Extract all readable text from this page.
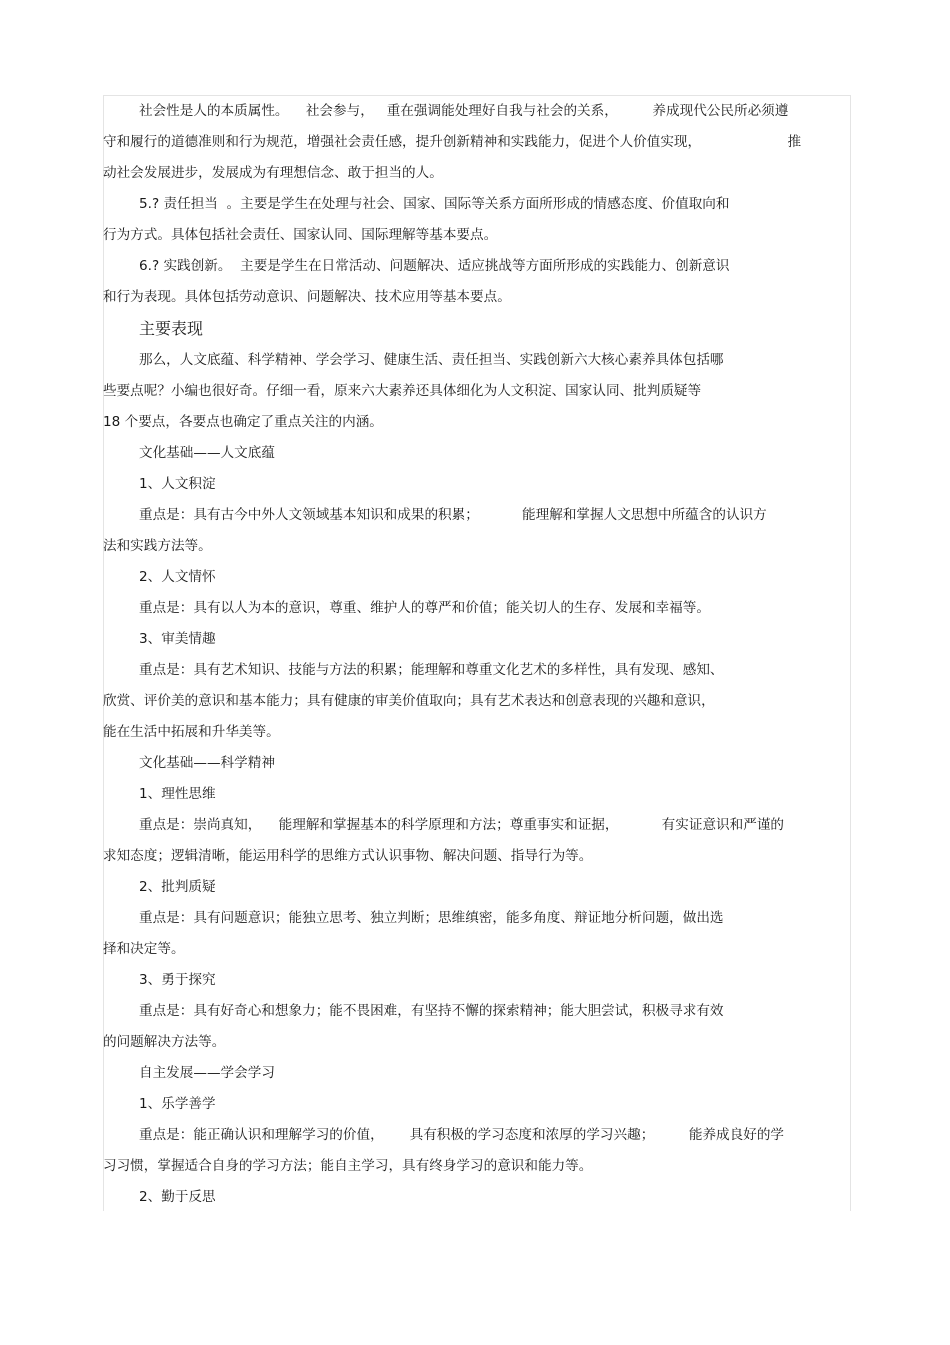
社会性是人的本质属性。    社会参与，   重在强调能处理好自我与社会的关系，        养成现代公民所必须遵
守和履行的道德准则和行为规范，增强社会责任感，提升创新精神和实践能力，促进个人价值实现，                    推
动社会发展进步，发展成为有理想信念、敢于担当的人。
5.? 责任担当  。主要是学生在处理与社会、国家、国际等关系方面所形成的情感态度、价值取向和
行为方式。具体包括社会责任、国家认同、国际理解等基本要点。
6.? 实践创新。  主要是学生在日常活动、问题解决、适应挑战等方面所形成的实践能力、创新意识
和行为表现。具体包括劳动意识、问题解决、技术应用等基本要点。
主要表现
那么，人文底蕴、科学精神、学会学习、健康生活、责任担当、实践创新六大核心素养具体包括哪
些要点呢？小编也很好奇。仔细一看，原来六大素养还具体细化为人文积淀、国家认同、批判质疑等
18 个要点，各要点也确定了重点关注的内涵。
文化基础——人文底蕴
1、人文积淀
重点是：具有古今中外人文领域基本知识和成果的积累；          能理解和掌握人文思想中所蕴含的认识方
法和实践方法等。
2、人文情怀
重点是：具有以人为本的意识，尊重、维护人的尊严和价值；能关切人的生存、发展和幸福等。
3、审美情趣
重点是：具有艺术知识、技能与方法的积累；能理解和尊重文化艺术的多样性，具有发现、感知、
欣赏、评价美的意识和基本能力；具有健康的审美价值取向；具有艺术表达和创意表现的兴趣和意识，
能在生活中拓展和升华美等。
文化基础——科学精神
1、理性思维
重点是：崇尚真知，    能理解和掌握基本的科学原理和方法；尊重事实和证据，          有实证意识和严谨的
求知态度；逻辑清晰，能运用科学的思维方式认识事物、解决问题、指导行为等。
2、批判质疑
重点是：具有问题意识；能独立思考、独立判断；思维缜密，能多角度、辩证地分析问题，做出选
择和决定等。
3、勇于探究
重点是：具有好奇心和想象力；能不畏困难，有坚持不懈的探索精神；能大胆尝试，积极寻求有效
的问题解决方法等。
自主发展——学会学习
1、乐学善学
重点是：能正确认识和理解学习的价值，      具有积极的学习态度和浓厚的学习兴趣；        能养成良好的学
习习惯，掌握适合自身的学习方法；能自主学习，具有终身学习的意识和能力等。
2、勤于反思
